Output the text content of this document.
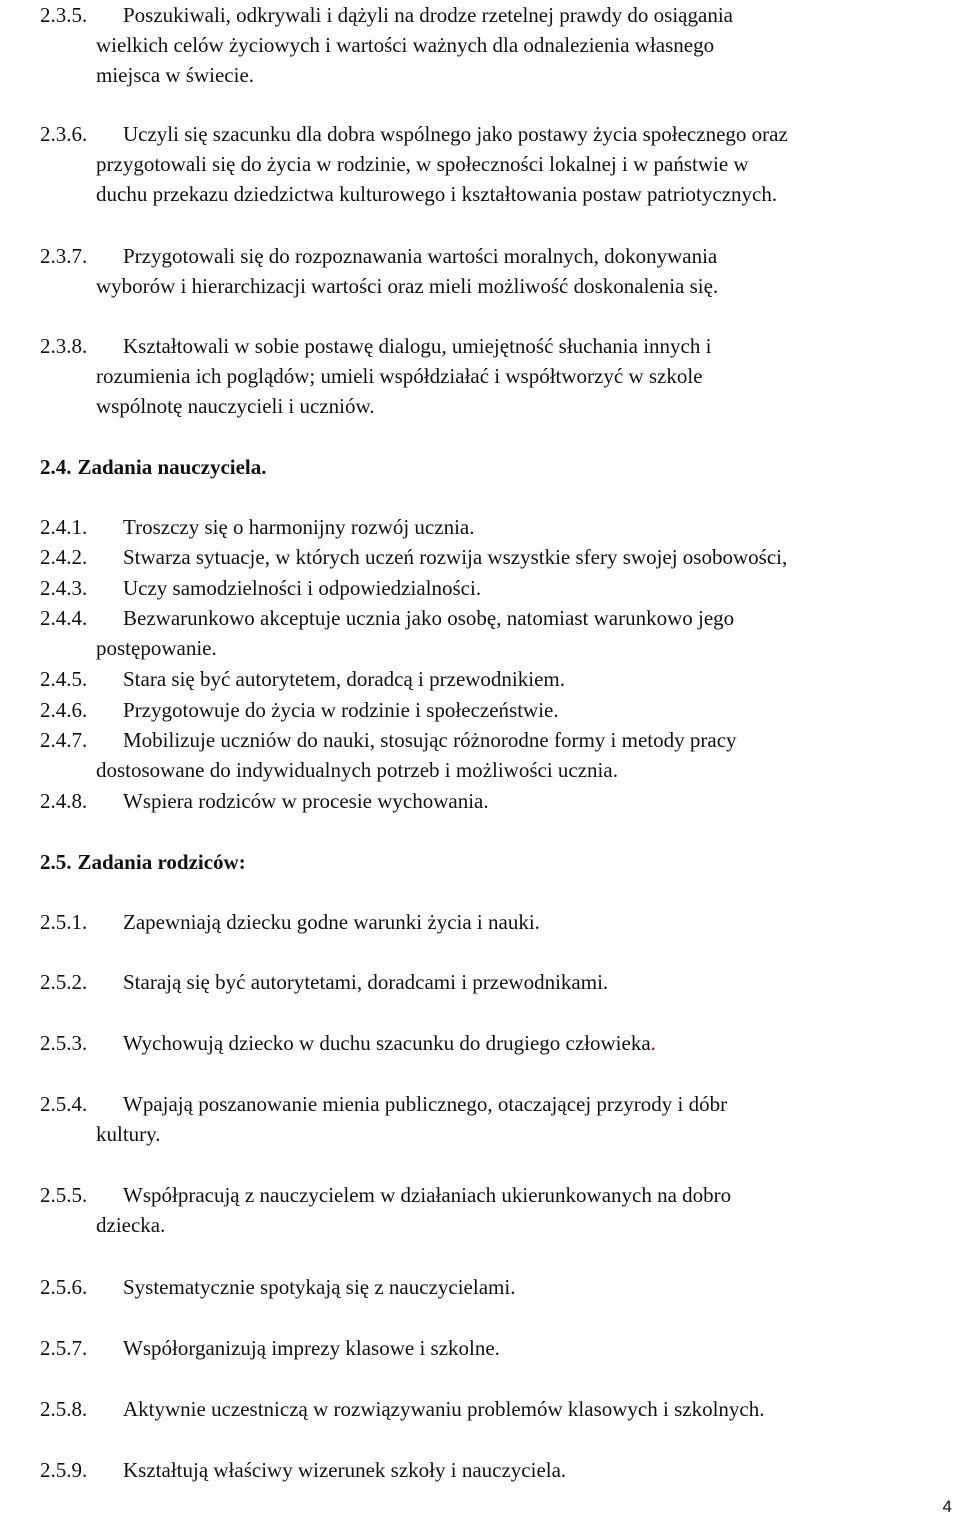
2.3.5. Poszukiwali, odkrywali i dążyli na drodze rzetelnej prawdy do osiągania
wielkich celów życiowych i wartości ważnych dla odnalezienia własnego
miejsca w świecie.
2.3.6. Uczyli się szacunku dla dobra wspólnego jako postawy życia społecznego oraz
przygotowali się do życia w rodzinie, w społeczności lokalnej i w państwie w
duchu przekazu dziedzictwa kulturowego i kształtowania postaw patriotycznych.
2.3.7. Przygotowali się do rozpoznawania wartości moralnych, dokonywania
wyborów i hierarchizacji wartości oraz mieli możliwość doskonalenia się.
2.3.8. Kształtowali w sobie postawę dialogu, umiejętność słuchania innych i
rozumienia ich poglądów; umieli współdziałać i współtworzyć w szkole
wspólnotę nauczycieli i uczniów.
2.4. Zadania nauczyciela.
2.4.1. Troszczy się o harmonijny rozwój ucznia.
2.4.2. Stwarza sytuacje, w których uczeń rozwija wszystkie sfery swojej osobowości,
2.4.3. Uczy samodzielności i odpowiedzialności.
2.4.4. Bezwarunkowo akceptuje ucznia jako osobę, natomiast warunkowo jego
postępowanie.
2.4.5. Stara się być autorytetem, doradcą i przewodnikiem.
2.4.6. Przygotowuje do życia w rodzinie i społeczeństwie.
2.4.7. Mobilizuje uczniów do nauki, stosując różnorodne formy i metody pracy
dostosowane do indywidualnych potrzeb i możliwości ucznia.
2.4.8. Wspiera rodziców w procesie wychowania.
2.5. Zadania rodziców:
2.5.1. Zapewniają dziecku godne warunki życia i nauki.
2.5.2. Starają się być autorytetami, doradcami i przewodnikami.
2.5.3. Wychowują dziecko w duchu szacunku do drugiego człowieka.
2.5.4. Wpajają poszanowanie mienia publicznego, otaczającej przyrody i dóbr
kultury.
2.5.5. Współpracują z nauczycielem w działaniach ukierunkowanych na dobro
dziecka.
2.5.6. Systematycznie spotykają się z nauczycielami.
2.5.7. Współorganizują imprezy klasowe i szkolne.
2.5.8. Aktywnie uczestniczą w rozwiązywaniu problemów klasowych i szkolnych.
2.5.9. Kształtują właściwy wizerunek szkoły i nauczyciela.
4
